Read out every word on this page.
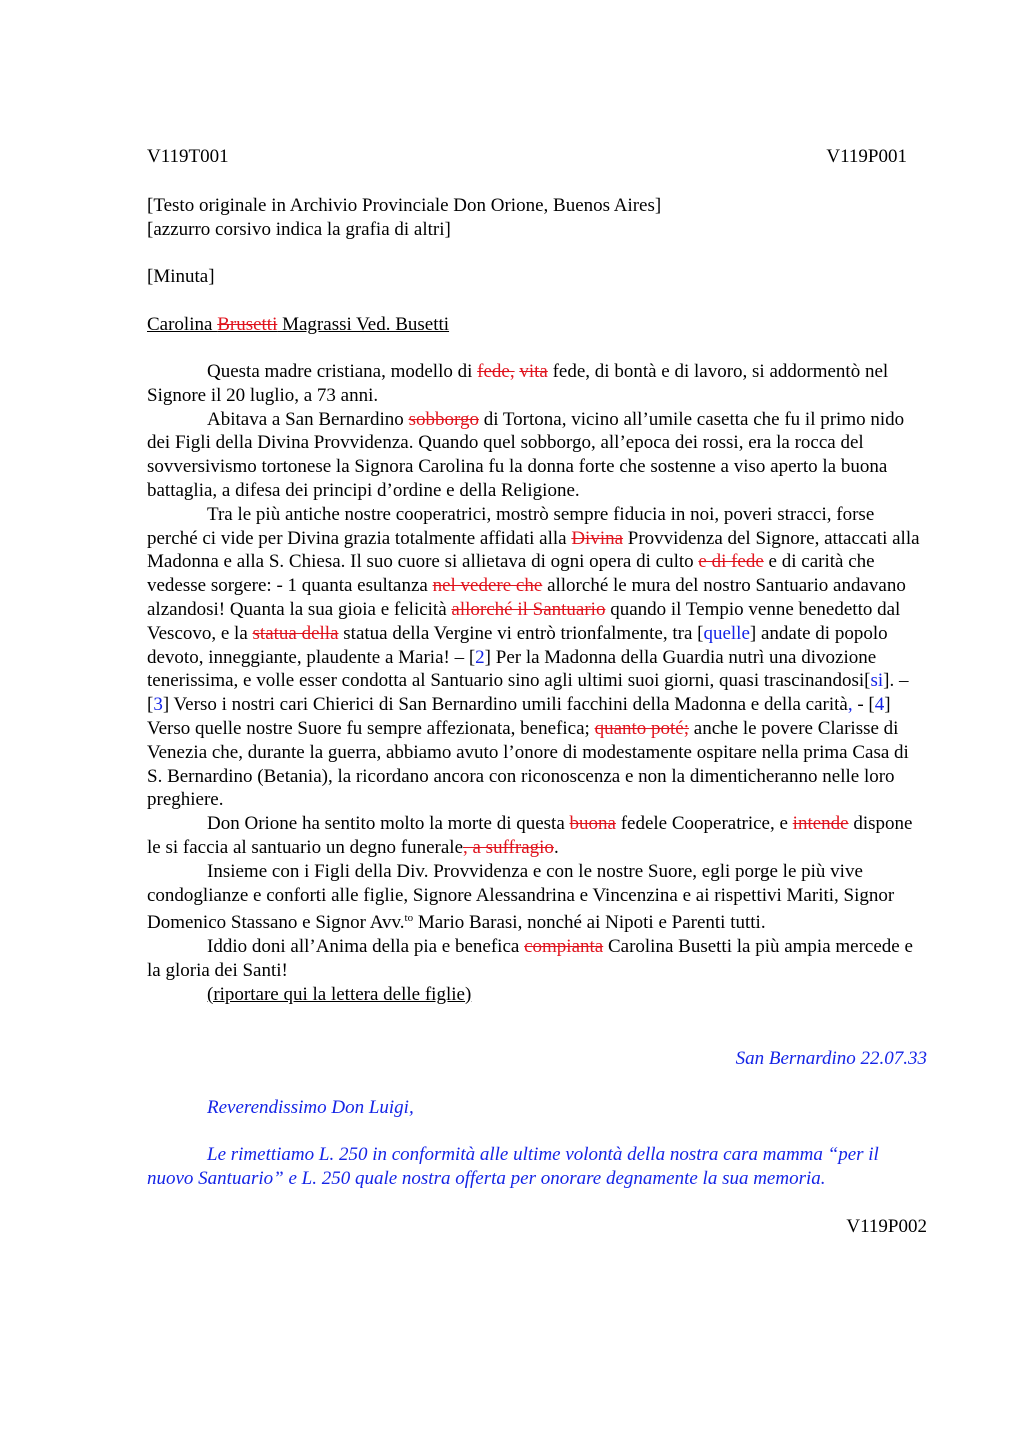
V119T001	V119P001
[Testo originale in Archivio Provinciale Don Orione, Buenos Aires]
[azzurro corsivo indica la grafia di altri]
[Minuta]
Carolina Brusetti Magrassi Ved. Busetti

Questa madre cristiana, modello di fede, vita fede, di bontà e di lavoro, si addormentò nel Signore il 20 luglio, a 73 anni.

Abitava a San Bernardino sobborgo di Tortona, vicino all’umile casetta che fu il primo nido dei Figli della Divina Provvidenza. Quando quel sobborgo, all’epoca dei rossi, era la rocca del sovversivismo tortonese la Signora Carolina fu la donna forte che sostenne a viso aperto la buona battaglia, a difesa dei principi d’ordine e della Religione.

Tra le più antiche nostre cooperatrici, mostrò sempre fiducia in noi, poveri stracci, forse perché ci vide per Divina grazia totalmente affidati alla Divina Provvidenza del Signore, attaccati alla Madonna e alla S. Chiesa. Il suo cuore si allietava di ogni opera di culto e di fede e di carità che vedesse sorgere: - 1 quanta esultanza nel vedere che allorché le mura del nostro Santuario andavano alzandosi! Quanta la sua gioia e felicità allorché il Santuario quando il Tempio venne benedetto dal Vescovo, e la statua della statua della Vergine vi entrò trionfalmente, tra [quelle] andate di popolo devoto, inneggiante, plaudente a Maria! – [2] Per la Madonna della Guardia nutrì una divozione tenerissima, e volle esser condotta al Santuario sino agli ultimi suoi giorni, quasi trascinandosi[si]. – [3] Verso i nostri cari Chierici di San Bernardino umili facchini della Madonna e della carità, - [4] Verso quelle nostre Suore fu sempre affezionata, benefica; quanto poté; anche le povere Clarisse di Venezia che, durante la guerra, abbiamo avuto l’onore di modestamente ospitare nella prima Casa di S. Bernardino (Betania), la ricordano ancora con riconoscenza e non la dimenticheranno nelle loro preghiere.

Don Orione ha sentito molto la morte di questa buona fedele Cooperatrice, e intende dispone le si faccia al santuario un degno funerale, a suffragio.

Insieme con i Figli della Div. Provvidenza e con le nostre Suore, egli porge le più vive condoglianze e conforti alle figlie, Signore Alessandrina e Vincenzina e ai rispettivi Mariti, Signor Domenico Stassano e Signor Avv.$^{to}$ Mario Barasi, nonché ai Nipoti e Parenti tutti.

Iddio doni all’Anima della pia e benefica compianta Carolina Busetti la più ampia mercede e la gloria dei Santi!

(riportare qui la lettera delle figlie)

San Bernardino 22.07.33
Reverendissimo Don Luigi,
Le rimettiamo L. 250 in conformità alle ultime volontà della nostra cara mamma “per il nuovo Santuario” e L. 250 quale nostra offerta per onorare degnamente la sua memoria.
V119P002
